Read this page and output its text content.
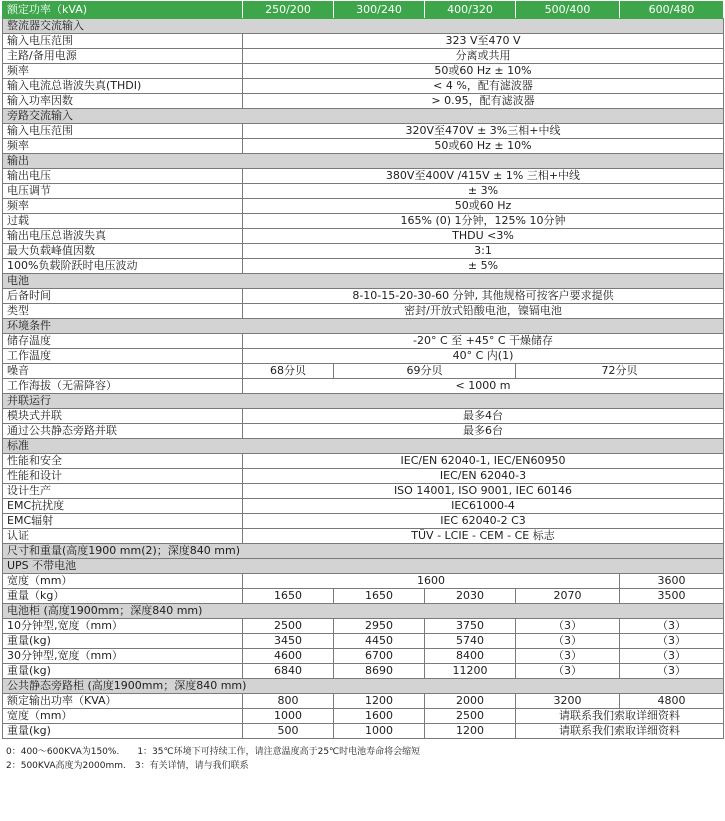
额定功率（kVA)	250/200	300/240	400/320	500/400	600/480
整流器交流输入					
输入电压范围	323 V至470 V				
主路/备用电源	分离或共用				
频率	50或60 Hz ± 10%				
输入电流总谐波失真(THDI)	< 4 %，配有滤波器				
输入功率因数	> 0.95，配有滤波器				
旁路交流输入					
输入电压范围	320V至470V ± 3%三相+中线				
频率	50或60 Hz ± 10%				
输出					
输出电压	380V至400V /415V ± 1% 三相+中线				
电压调节	± 3%				
频率	50或60 Hz				
过载	165% (0) 1分钟，125% 10分钟				
输出电压总谐波失真	THDU <3%				
最大负载峰值因数	3:1				
100%负载阶跃时电压波动	± 5%				
电池					
后备时间	8-10-15-20-30-60 分钟, 其他规格可按客户要求提供				
类型	密封/开放式铅酸电池，镍镉电池				
环境条件					
储存温度	-20° C 至 +45° C 干燥储存				
工作温度	40° C 内(1)				
噪音	68分贝	69分贝		72分贝	
工作海拔（无需降容）	< 1000 m				
并联运行					
模块式并联	最多4台				
通过公共静态旁路并联	最多6台				
标准					
性能和安全	IEC/EN 62040-1, IEC/EN60950				
性能和设计	IEC/EN 62040-3				
设计生产	ISO 14001, ISO 9001, IEC 60146				
EMC抗扰度	IEC61000-4				
EMC辐射	IEC 62040-2 C3				
认证	TÜV - LCIE - CEM - CE 标志				
尺寸和重量(高度1900 mm(2)；深度840 mm)					
UPS 不带电池					
宽度（mm）	1600				3600
重量（kg）	1650	1650	2030	2070	3500
电池柜 (高度1900mm；深度840 mm)					
10分钟型,宽度（mm）	2500	2950	3750	（3）	（3）
重量(kg)	3450	4450	5740	（3）	（3）
30分钟型,宽度（mm）	4600	6700	8400	（3）	（3）
重量(kg)	6840	8690	11200	（3）	（3）
公共静态旁路柜 (高度1900mm；深度840 mm)					
额定输出功率（KVA）	800	1200	2000	3200	4800
宽度（mm）	1000	1600	2500	请联系我们索取详细资料	
重量(kg)	500	1000	1200	请联系我们索取详细资料	
0：400～600KVA为150%.　　1：35℃环境下可持续工作，请注意温度高于25℃时电池寿命将会缩短
2：500KVA高度为2000mm.　3：有关详情，请与我们联系
